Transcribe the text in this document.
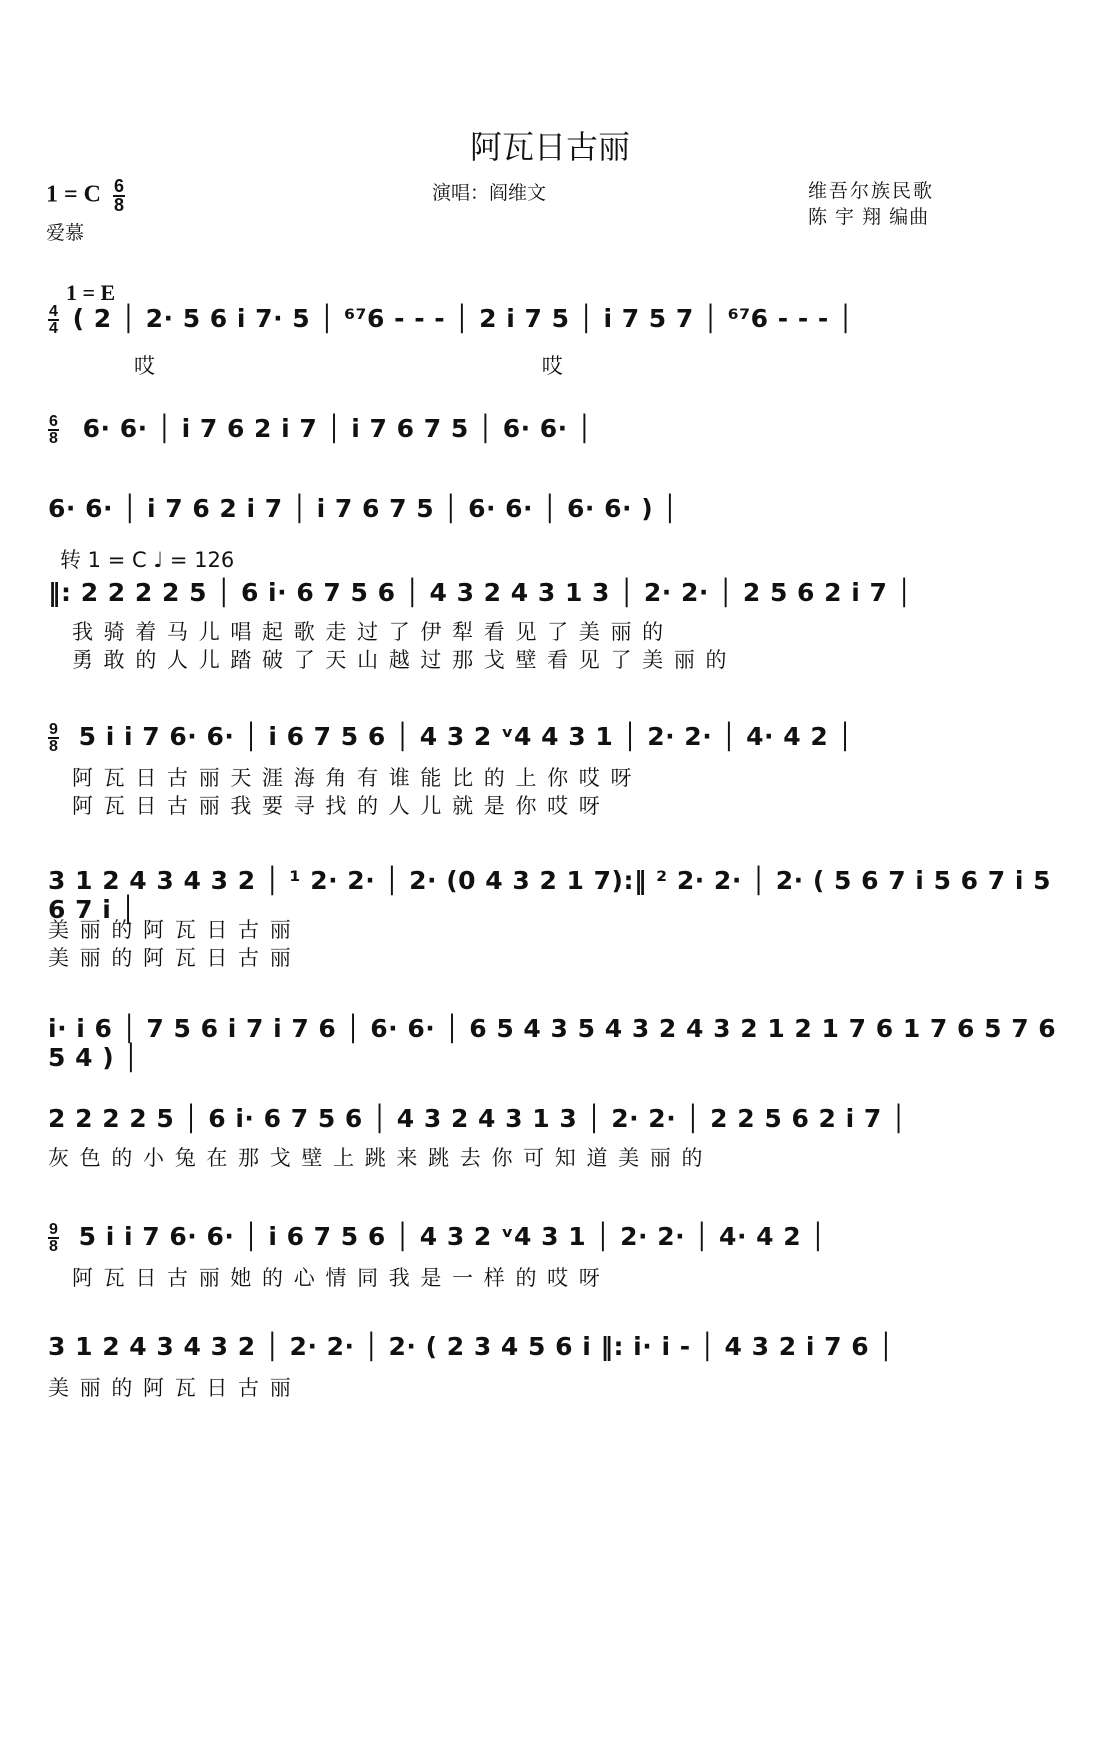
阿瓦日古丽
1 = C $\frac{6}{8}$
爱慕
演唱：阎维文	维吾尔族民歌
陈 宇 翔 编曲
1 = E
$\frac{4}{4}$ ( 2 │ 2· 5 6 i 7· 5 │ ⁶⁷6 - - - │ 2 i 7 5 │ i 7 5 7 │ ⁶⁷6 - - - │
哎	哎
$\frac{6}{8} 6\cdot 6\cdot$ │ i 7 6 2 i 7 │ i 7 6 7 5 │ 6· 6· │
6· 6· │ i 7 6 2 i 7 │ i 7 6 7 5 │ 6· 6· │ 6· 6· ) │
转 1 = C ♩ = 126
‖: 2 2 2 2 5 │ 6 i· 6 7 5 6 │ 4 3 2 4 3 1 3 │ 2· 2· │ 2 5 6 2 i 7 │
我 骑 着 马 儿 唱 起 歌 走 过 了 伊 犁 看 见 了 美 丽 的
勇 敢 的 人 儿 踏 破 了 天 山 越 过 那 戈 壁 看 见 了 美 丽 的
$\frac{9}{8} 5$ i i 7 6· 6· │ i 6 7 5 6 │ 4 3 2 ᵛ4 4 3 1 │ 2· 2· │ 4· 4 2 │
阿 瓦 日 古 丽 天 涯 海 角 有 谁 能 比 的 上 你 哎 呀
阿 瓦 日 古 丽 我 要 寻 找 的 人 儿 就 是 你 哎 呀
3 1 2 4 3 4 3 2 │ ¹ 2· 2· │ 2· (0 4 3 2 1 7):‖ ² 2· 2· │ 2· ( 5 6 7 i 5 6 7 i 5 6 7 i │
美 丽 的 阿 瓦 日 古 丽
美 丽 的 阿 瓦 日 古 丽
i· i 6 │ 7 5 6 i 7 i 7 6 │ 6· 6· │ 6 5 4 3 5 4 3 2 4 3 2 1 2 1 7 6 1 7 6 5 7 6 5 4 ) │
2 2 2 2 5 │ 6 i· 6 7 5 6 │ 4 3 2 4 3 1 3 │ 2· 2· │ 2 2 5 6 2 i 7 │
灰 色 的 小 兔 在 那 戈 壁 上 跳 来 跳 去 你 可 知 道 美 丽 的
$\frac{9}{8} 5$ i i 7 6· 6· │ i 6 7 5 6 │ 4 3 2 ᵛ4 3 1 │ 2· 2· │ 4· 4 2 │
阿 瓦 日 古 丽 她 的 心 情 同 我 是 一 样 的 哎 呀
3 1 2 4 3 4 3 2 │ 2· 2· │ 2· ( 2 3 4 5 6 i ‖: i· i - │ 4 3 2 i 7 6 │
美 丽 的 阿 瓦 日 古 丽
